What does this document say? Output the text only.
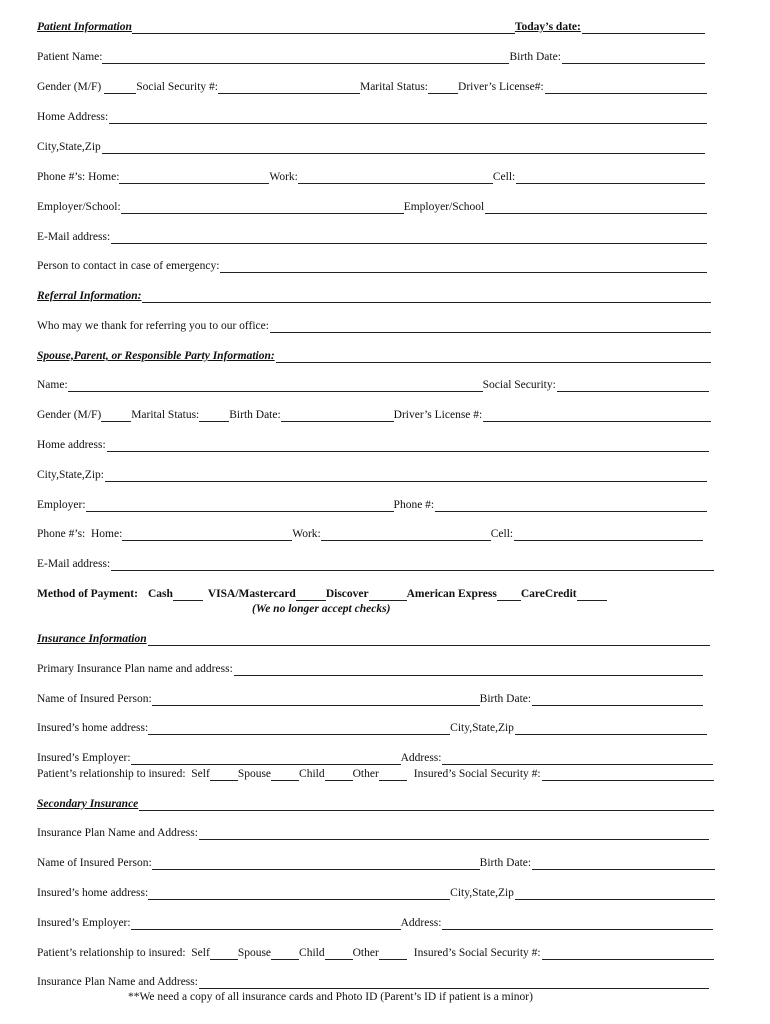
Patient Information	Today’s date:
Patient Name:	Birth Date:
Gender (M/F)	Social Security #:	Marital Status:	Driver’s License#:
Home Address:
City,State,Zip
Phone #’s: Home:	Work:	Cell:
Employer/School:	Employer/School
E-Mail address:
Person to contact in case of emergency:
Referral Information:
Who may we thank for referring you to our office:
Spouse,Parent, or Responsible Party Information:
Name:	Social Security:
Gender (M/F)	Marital Status:	Birth Date:	Driver’s License #:
Home address:
City,State,Zip:
Employer:	Phone #:
Phone #’s:  Home:	Work:	Cell:
E-Mail address:
Method of Payment: Cash	VISA/Mastercard	Discover	American Express CareCredit
(We no longer accept checks)
Insurance Information
Primary Insurance Plan name and address:
Name of Insured Person:	Birth Date:
Insured’s home address:	City,State,Zip
Insured’s Employer:	Address:
Patient’s relationship to insured:  Self Spouse Child Other	Insured’s Social Security #:
Secondary Insurance
Insurance Plan Name and Address:
Name of Insured Person:	Birth Date:
Insured’s home address:	City,State,Zip
Insured’s Employer:	Address:
Patient’s relationship to insured:  Self Spouse Child Other	Insured’s Social Security #:
Insurance Plan Name and Address:
**We need a copy of all insurance cards and Photo ID (Parent’s ID if patient is a minor)
